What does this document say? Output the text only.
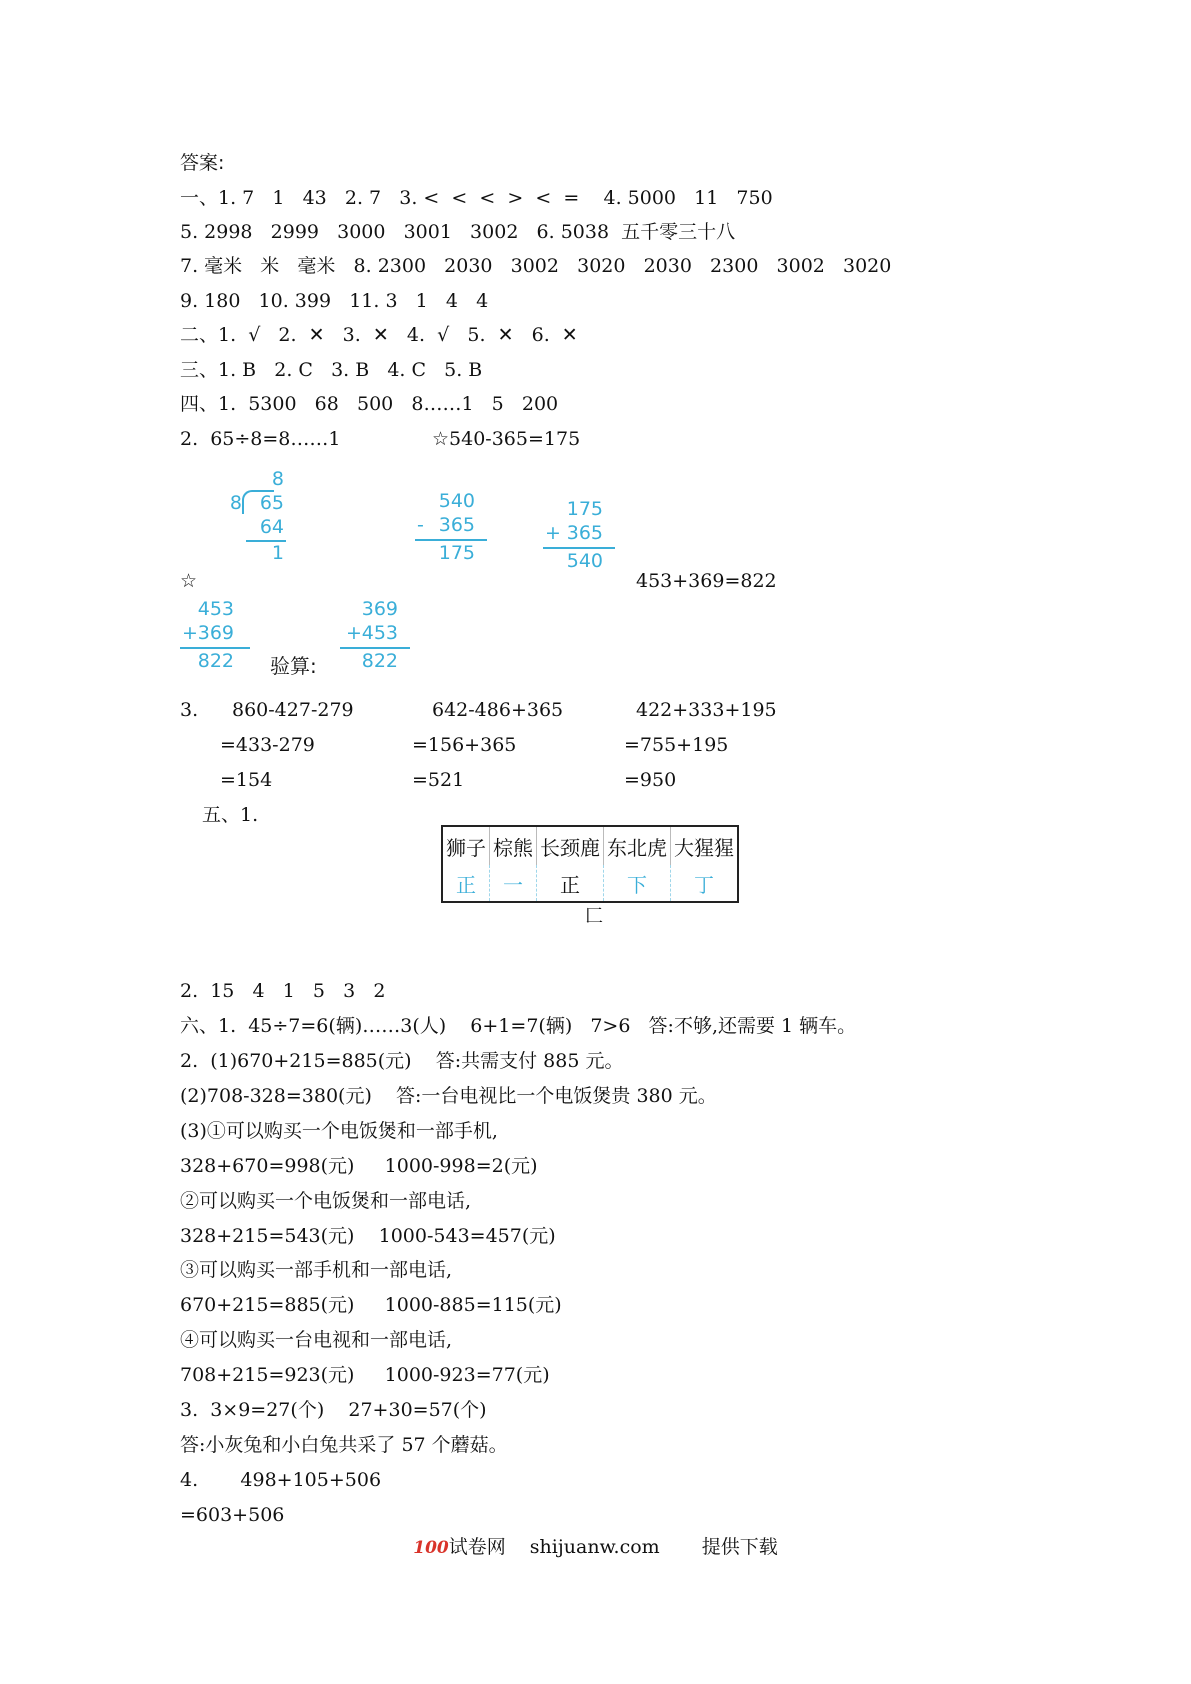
答案:
一、1. 7   1   43   2. 7   3. <  <  <  >  <  =    4. 5000   11   750
5. 2998   2999   3000   3001   3002   6. 5038  五千零三十八
7. 毫米   米   毫米   8. 2300   2030   3002   3020   2030   2300   3002   3020
9. 180   10. 399   11. 3   1   4   4
二、1.  √   2.  ✕   3.  ✕   4.  √   5.  ✕   6.  ✕
三、1. B   2. C   3. B   4. C   5. B
四、1.  5300   68   500   8……1   5   200
2.  65÷8=8……1	☆540-365=175
8
8 65
64
1
540
- 365
175
175
+ 365
540
☆	453+369=822
453
+ 369
822 验算:
369
+ 453
822
3. 860-427-279
=433-279
=154
642-486+365
=156+365
=521
422+333+195
=755+195
=950
五、1.
狮子	棕熊	长颈鹿	东北虎	大猩猩
正	一	正	下	丁
匚
2.  15   4   1   5   3   2
六、1.  45÷7=6(辆)……3(人)    6+1=7(辆)   7>6   答:不够,还需要 1 辆车。
2.  (1)670+215=885(元)    答:共需支付 885 元。
(2)708-328=380(元)    答:一台电视比一个电饭煲贵 380 元。
(3)①可以购买一个电饭煲和一部手机,
328+670=998(元)     1000-998=2(元)
②可以购买一个电饭煲和一部电话,
328+215=543(元)    1000-543=457(元)
③可以购买一部手机和一部电话,
670+215=885(元)     1000-885=115(元)
④可以购买一台电视和一部电话,
708+215=923(元)     1000-923=77(元)
3.  3×9=27(个)    27+30=57(个)
答:小灰兔和小白兔共采了 57 个蘑菇。
4.       498+105+506
=603+506
100试卷网 shijuanw.com 提供下载
